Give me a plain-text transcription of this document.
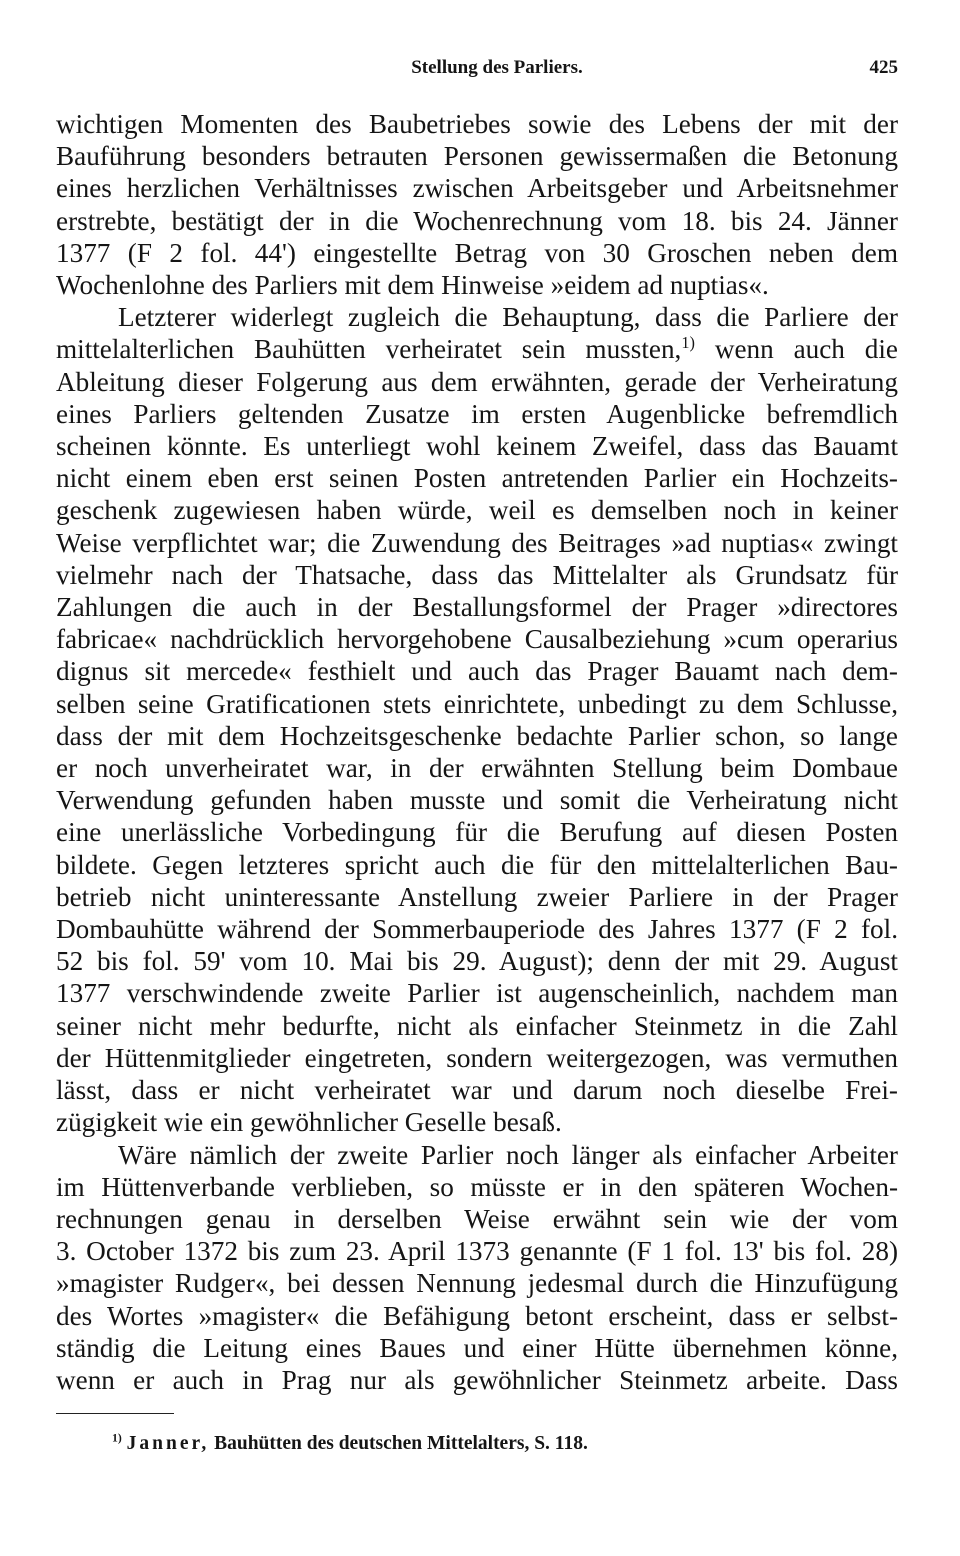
Stellung des Parliers.	425
wichtigen Momenten des Baubetriebes sowie des Lebens der mit der
Bauführung besonders betrauten Personen gewissermaßen die Betonung
eines herzlichen Verhältnisses zwischen Arbeitsgeber und Arbeitsnehmer
erstrebte, bestätigt der in die Wochenrechnung vom 18. bis 24. Jänner
1377 (F 2 fol. 44') eingestellte Betrag von 30 Groschen neben dem
Wochenlohne des Parliers mit dem Hinweise »eidem ad nuptias«.
Letzterer widerlegt zugleich die Behauptung, dass die Parliere der
mittelalterlichen Bauhütten verheiratet sein mussten,$^{1)}$ wenn auch die
Ableitung dieser Folgerung aus dem erwähnten, gerade der Verheiratung
eines Parliers geltenden Zusatze im ersten Augenblicke befremdlich
scheinen könnte. Es unterliegt wohl keinem Zweifel, dass das Bauamt
nicht einem eben erst seinen Posten antretenden Parlier ein Hochzeits-
geschenk zugewiesen haben würde, weil es demselben noch in keiner
Weise verpflichtet war; die Zuwendung des Beitrages »ad nuptias« zwingt
vielmehr nach der Thatsache, dass das Mittelalter als Grundsatz für
Zahlungen die auch in der Bestallungsformel der Prager »directores
fabricae« nachdrücklich hervorgehobene Causalbeziehung »cum operarius
dignus sit mercede« festhielt und auch das Prager Bauamt nach dem-
selben seine Gratificationen stets einrichtete, unbedingt zu dem Schlusse,
dass der mit dem Hochzeitsgeschenke bedachte Parlier schon, so lange
er noch unverheiratet war, in der erwähnten Stellung beim Dombaue
Verwendung gefunden haben musste und somit die Verheiratung nicht
eine unerlässliche Vorbedingung für die Berufung auf diesen Posten
bildete. Gegen letzteres spricht auch die für den mittelalterlichen Bau-
betrieb nicht uninteressante Anstellung zweier Parliere in der Prager
Dombauhütte während der Sommerbauperiode des Jahres 1377 (F 2 fol.
52 bis fol. 59' vom 10. Mai bis 29. August); denn der mit 29. August
1377 verschwindende zweite Parlier ist augenscheinlich, nachdem man
seiner nicht mehr bedurfte, nicht als einfacher Steinmetz in die Zahl
der Hüttenmitglieder eingetreten, sondern weitergezogen, was vermuthen
lässt, dass er nicht verheiratet war und darum noch dieselbe Frei-
zügigkeit wie ein gewöhnlicher Geselle besaß.
Wäre nämlich der zweite Parlier noch länger als einfacher Arbeiter
im Hüttenverbande verblieben, so müsste er in den späteren Wochen-
rechnungen genau in derselben Weise erwähnt sein wie der vom
3. October 1372 bis zum 23. April 1373 genannte (F 1 fol. 13' bis fol. 28)
»magister Rudger«, bei dessen Nennung jedesmal durch die Hinzufügung
des Wortes »magister« die Befähigung betont erscheint, dass er selbst-
ständig die Leitung eines Baues und einer Hütte übernehmen könne,
wenn er auch in Prag nur als gewöhnlicher Steinmetz arbeite. Dass
$^{1)}$ Janner, Bauhütten des deutschen Mittelalters, S. 118.
